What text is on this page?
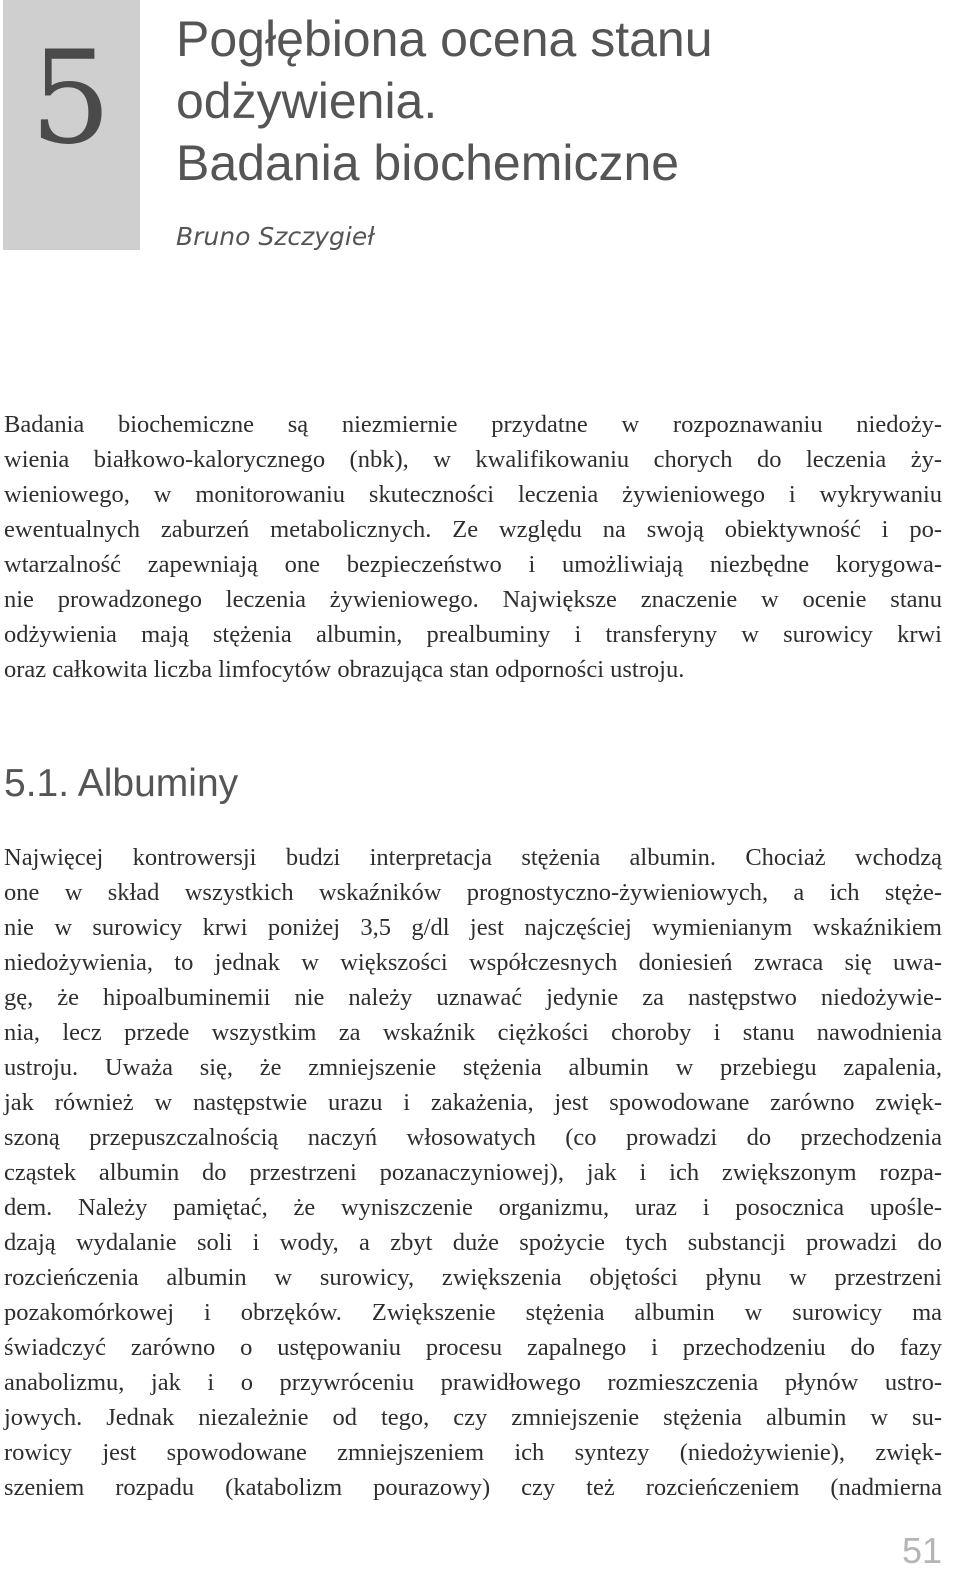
5 Pogłębiona ocena stanu
odżywienia.
Badania biochemiczne
Bruno Szczygieł

Badania biochemiczne są niezmiernie przydatne w rozpoznawaniu niedoży-
wienia białkowo-kalorycznego (nbk), w kwalifikowaniu chorych do leczenia ży-
wieniowego, w monitorowaniu skuteczności leczenia żywieniowego i wykrywaniu
ewentualnych zaburzeń metabolicznych. Ze względu na swoją obiektywność i po-
wtarzalność zapewniają one bezpieczeństwo i umożliwiają niezbędne korygowa-
nie prowadzonego leczenia żywieniowego. Największe znaczenie w ocenie stanu
odżywienia mają stężenia albumin, prealbuminy i transferyny w surowicy krwi
oraz całkowita liczba limfocytów obrazująca stan odporności ustroju.

5.1. Albuminy

Najwięcej kontrowersji budzi interpretacja stężenia albumin. Chociaż wchodzą
one w skład wszystkich wskaźników prognostyczno-żywieniowych, a ich stęże-
nie w surowicy krwi poniżej 3,5 g/dl jest najczęściej wymienianym wskaźnikiem
niedożywienia, to jednak w większości współczesnych doniesień zwraca się uwa-
gę, że hipoalbuminemii nie należy uznawać jedynie za następstwo niedożywie-
nia, lecz przede wszystkim za wskaźnik ciężkości choroby i stanu nawodnienia
ustroju. Uważa się, że zmniejszenie stężenia albumin w przebiegu zapalenia,
jak również w następstwie urazu i zakażenia, jest spowodowane zarówno zwięk-
szoną przepuszczalnością naczyń włosowatych (co prowadzi do przechodzenia
cząstek albumin do przestrzeni pozanaczyniowej), jak i ich zwiększonym rozpa-
dem. Należy pamiętać, że wyniszczenie organizmu, uraz i posocznica upośle-
dzają wydalanie soli i wody, a zbyt duże spożycie tych substancji prowadzi do
rozcieńczenia albumin w surowicy, zwiększenia objętości płynu w przestrzeni
pozakomórkowej i obrzęków. Zwiększenie stężenia albumin w surowicy ma
świadczyć zarówno o ustępowaniu procesu zapalnego i przechodzeniu do fazy
anabolizmu, jak i o przywróceniu prawidłowego rozmieszczenia płynów ustro-
jowych. Jednak niezależnie od tego, czy zmniejszenie stężenia albumin w su-
rowicy jest spowodowane zmniejszeniem ich syntezy (niedożywienie), zwięk-
szeniem rozpadu (katabolizm pourazowy) czy też rozcieńczeniem (nadmierna

51
